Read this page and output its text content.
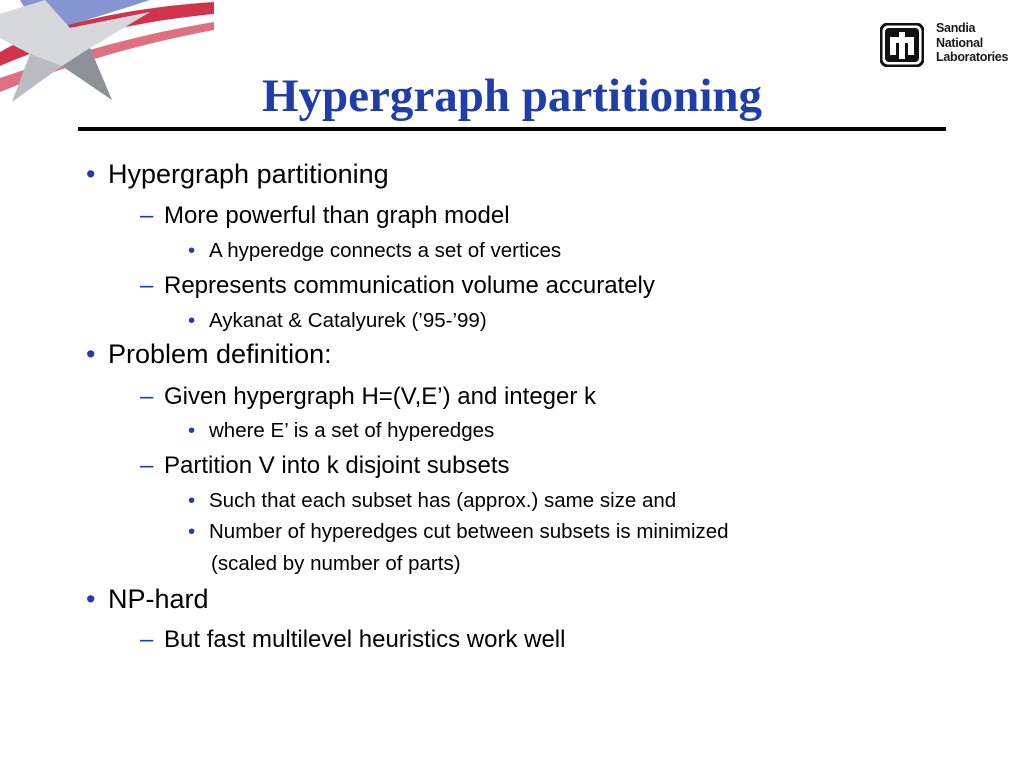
Sandia
National
Laboratories
Hypergraph partitioning
• Hypergraph partitioning
– More powerful than graph model
• A hyperedge connects a set of vertices
– Represents communication volume accurately
• Aykanat & Catalyurek (’95-’99)
• Problem definition:
– Given hypergraph H=(V,E’) and integer k
• where E’ is a set of hyperedges
– Partition V into k disjoint subsets
• Such that each subset has (approx.) same size and
• Number of hyperedges cut between subsets is minimized
(scaled by number of parts)
• NP-hard
– But fast multilevel heuristics work well
